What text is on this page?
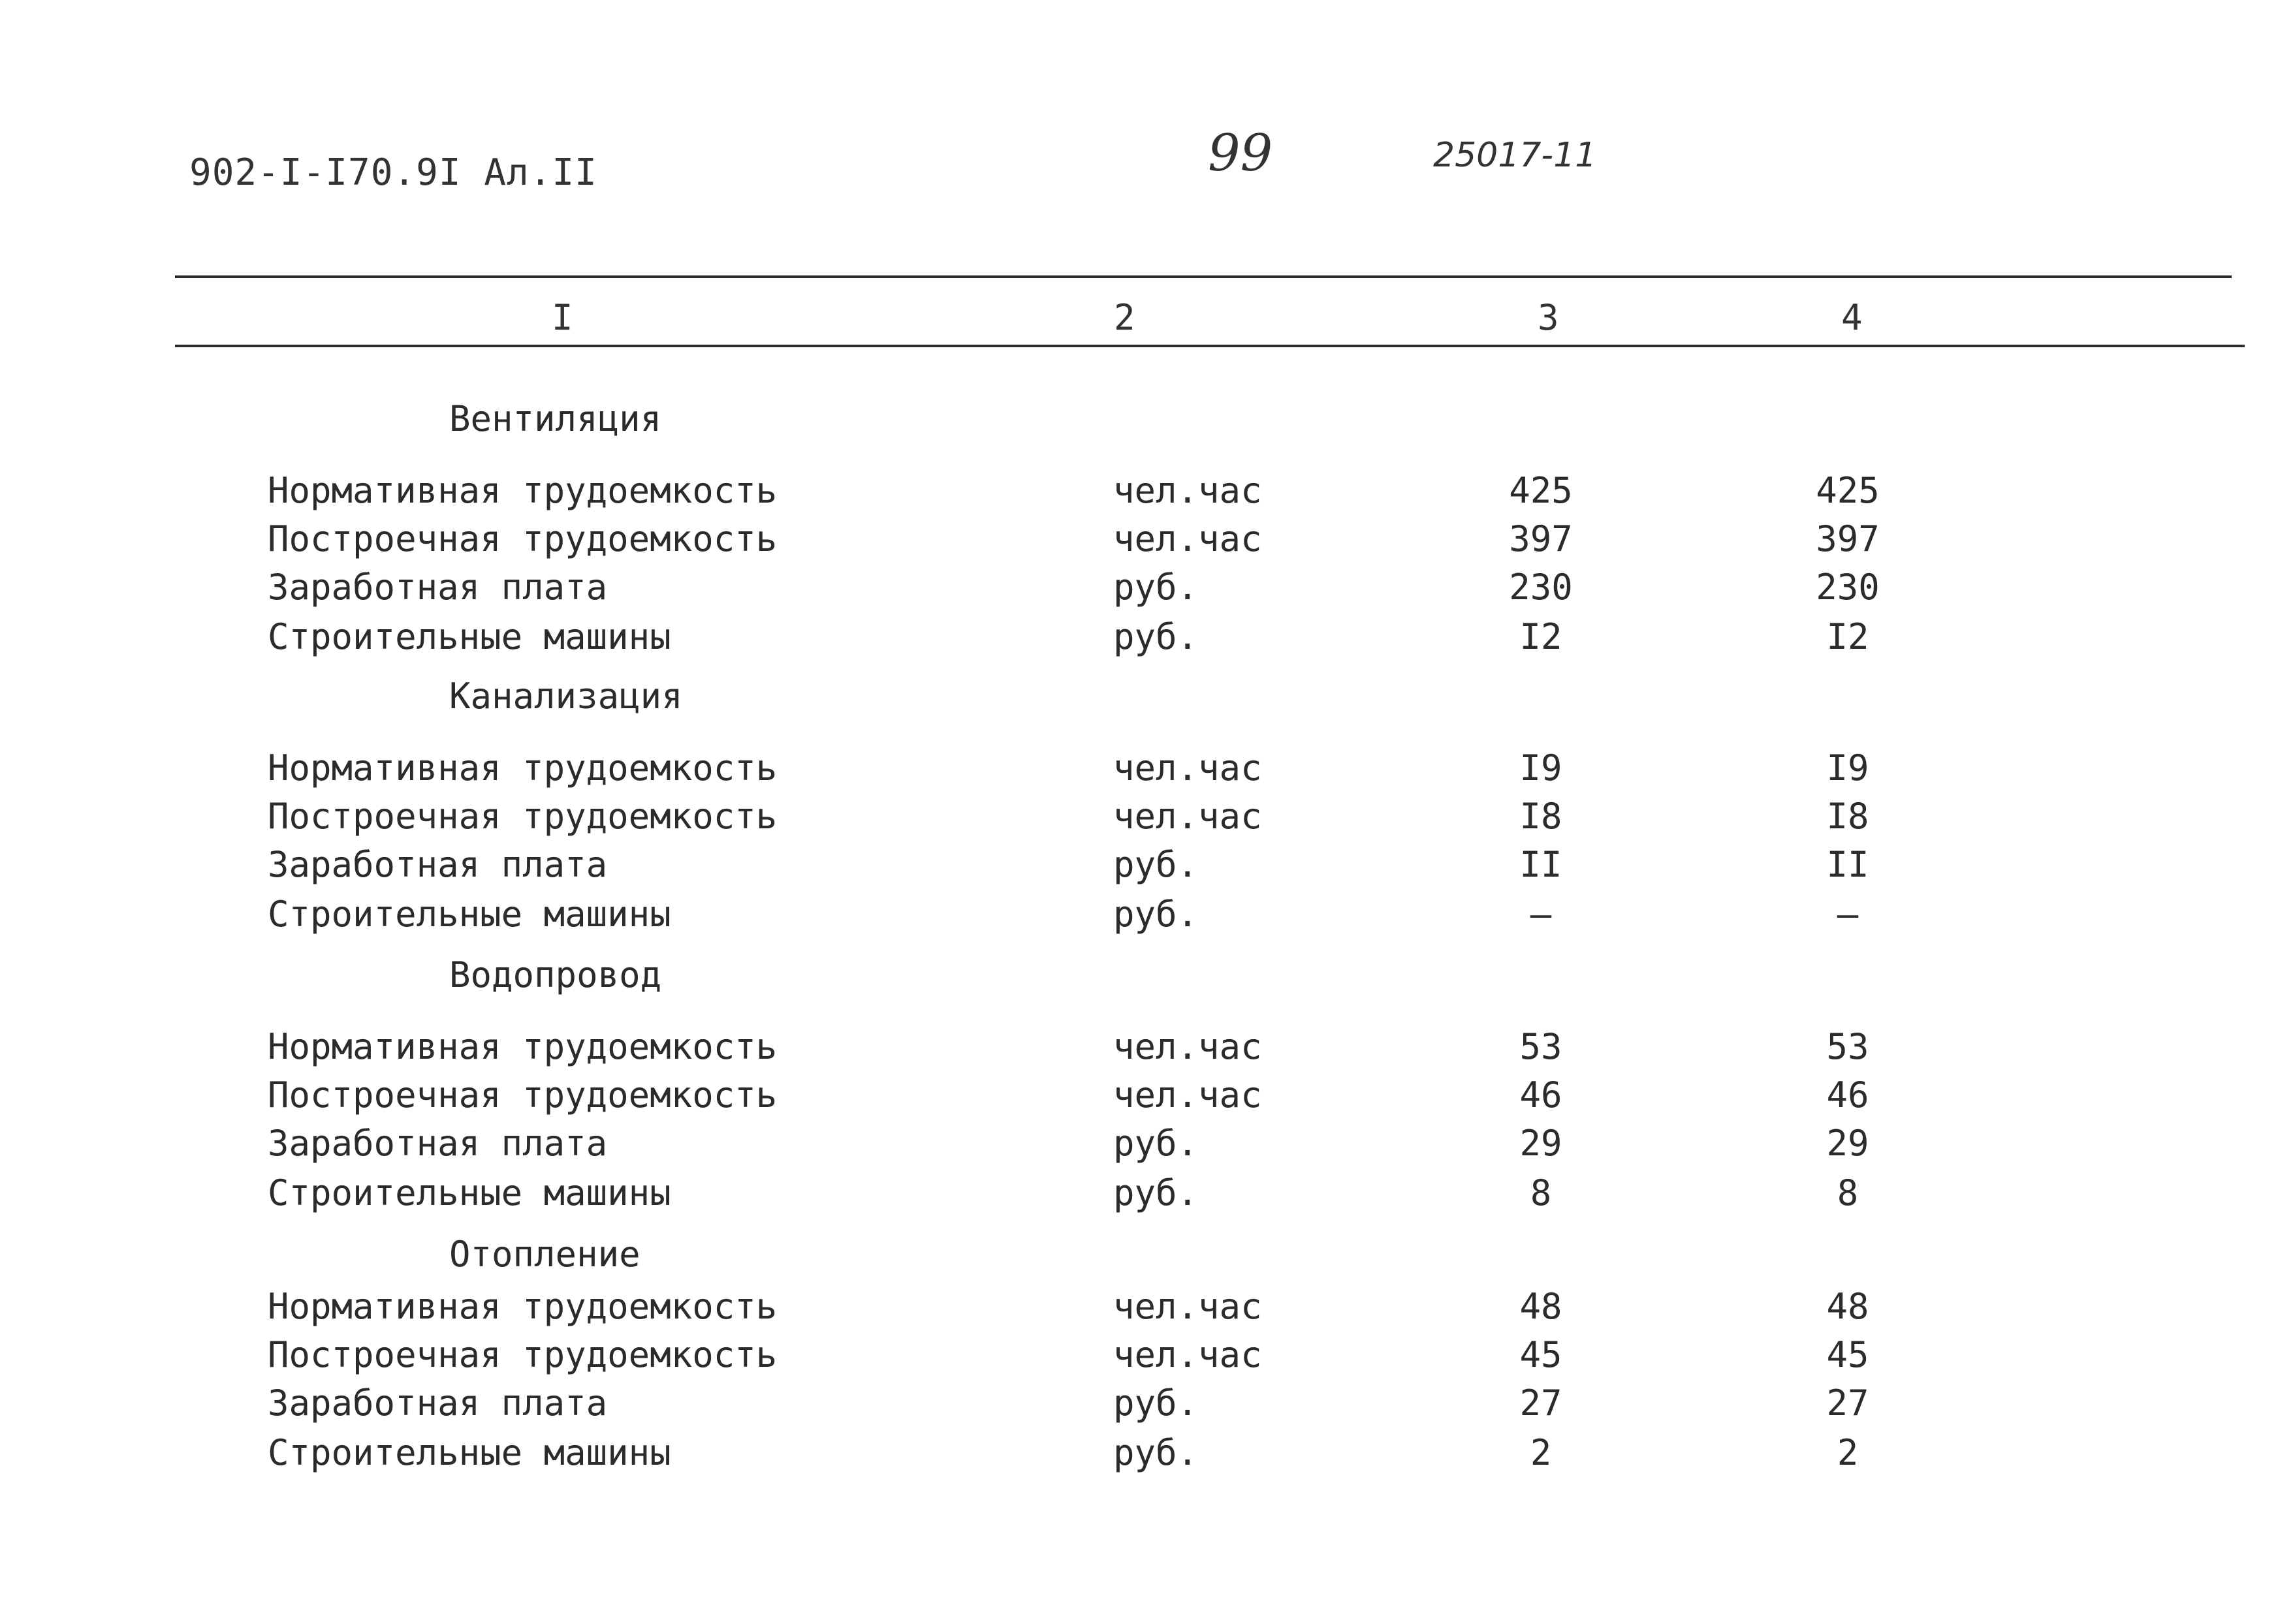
902-I-I70.9I Ал.II	99	25017-11
I	2	3	4
Вентиляция
Нормативная трудоемкость	чел.час	425	425
Построечная трудоемкость	чел.час	397	397
Заработная плата	руб.	230	230
Строительные машины	руб.	I2	I2
Канализация
Нормативная трудоемкость	чел.час	I9	I9
Построечная трудоемкость	чел.час	I8	I8
Заработная плата	руб.	II	II
Строительные машины	руб.	–	–
Водопровод
Нормативная трудоемкость	чел.час	53	53
Построечная трудоемкость	чел.час	46	46
Заработная плата	руб.	29	29
Строительные машины	руб.	8	8
Отопление
Нормативная трудоемкость	чел.час	48	48
Построечная трудоемкость	чел.час	45	45
Заработная плата	руб.	27	27
Строительные машины	руб.	2	2
